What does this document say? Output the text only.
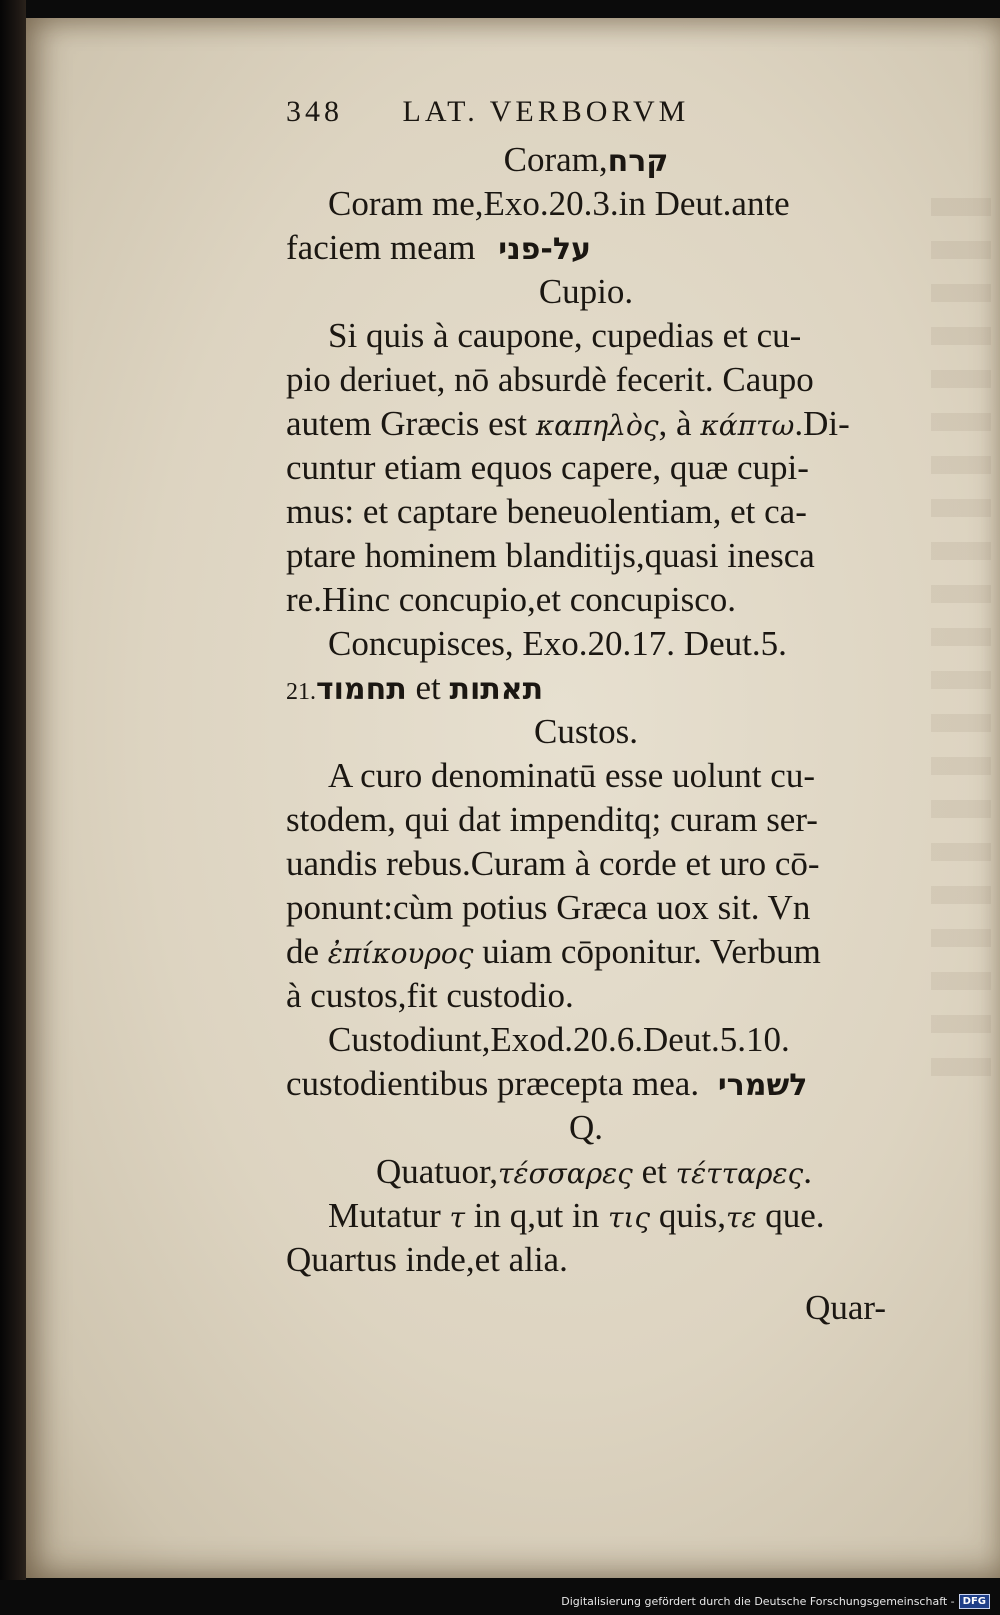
348 LAT. VERBORVM
Coram,קרח
Coram me,Exo.20.3.in Deut.ante
faciem meam על-פני
Cupio.
Si quis à caupone, cupedias et cu-
pio deriuet, nō absurdè fecerit. Caupo
autem Græcis est καπηλὸς, à κάπτω.Di-
cuntur etiam equos capere, quæ cupi-
mus: et captare beneuolentiam, et ca-
ptare hominem blanditijs,quasi inesca
re.Hinc concupio,et concupisco.
Concupisces, Exo.20.17. Deut.5.
21.תחמוד et תאתות
Custos.
A curo denominatū esse uolunt cu-
stodem, qui dat impenditq; curam ser-
uandis rebus.Curam à corde et uro cō-
ponunt:cùm potius Græca uox sit. Vn
de ἐπίκουρος uiam cōponitur. Verbum
à custos,fit custodio.
Custodiunt,Exod.20.6.Deut.5.10.
custodientibus præcepta mea. לשמרי
Q.
Quatuor,τέσσαρες et τέτταρες.
Mutatur τ in q,ut in τις quis,τε que.
Quartus inde,et alia.
Quar-
Digitalisierung gefördert durch die Deutsche Forschungsgemeinschaft - DFG
